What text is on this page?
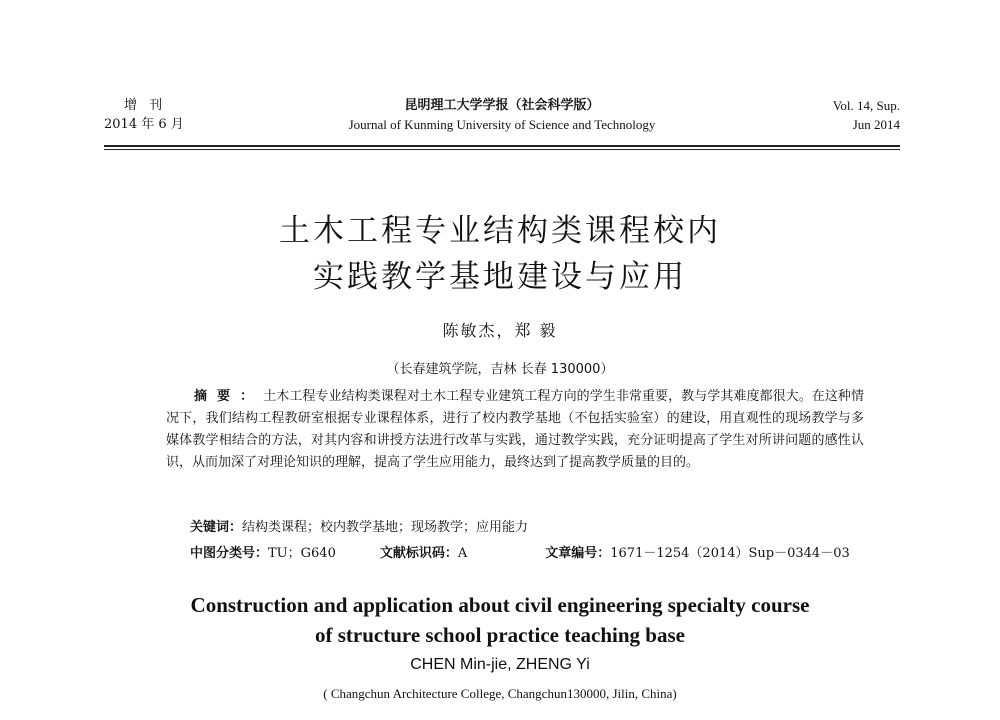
增 刊
2014 年 6 月
昆明理工大学学报（社会科学版）
Journal of Kunming University of Science and Technology
Vol. 14, Sup.
Jun 2014
土木工程专业结构类课程校内
实践教学基地建设与应用
陈敏杰，郑 毅
（长春建筑学院，吉林 长春 130000）
摘要：土木工程专业结构类课程对土木工程专业建筑工程方向的学生非常重要，教与学其难度都很大。在这种情况下，我们结构工程教研室根据专业课程体系，进行了校内教学基地（不包括实验室）的建设，用直观性的现场教学与多媒体教学相结合的方法，对其内容和讲授方法进行改革与实践，通过教学实践，充分证明提高了学生对所讲问题的感性认识，从而加深了对理论知识的理解，提高了学生应用能力，最终达到了提高教学质量的目的。
关键词：结构类课程；校内教学基地；现场教学；应用能力
中图分类号：TU；G640	文献标识码：A	文章编号：1671－1254（2014）Sup－0344－03
Construction and application about civil engineering specialty course
of structure school practice teaching base
CHEN Min-jie, ZHENG Yi
( Changchun Architecture College, Changchun130000, Jilin, China)
